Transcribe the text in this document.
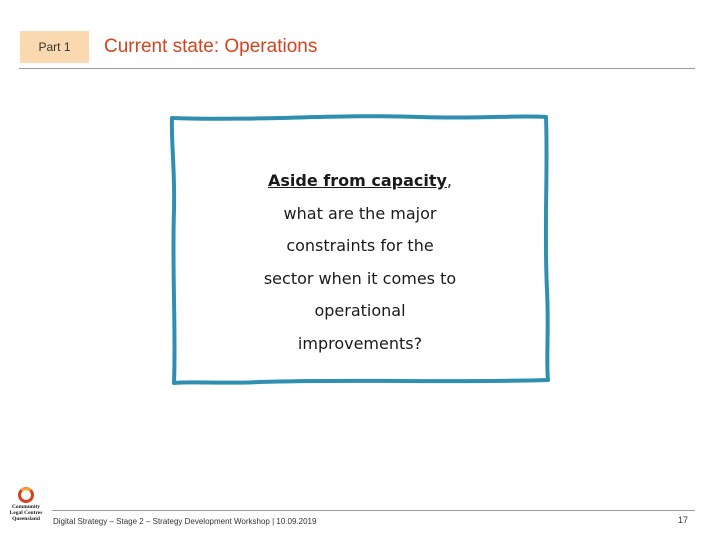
Part 1 Current state: Operations
Aside from capacity,
what are the major
constraints for the
sector when it comes to
operational
improvements?
Community
Legal Centres
Queensland	Digital Strategy – Stage 2 – Strategy Development Workshop | 10.09.2019	17
